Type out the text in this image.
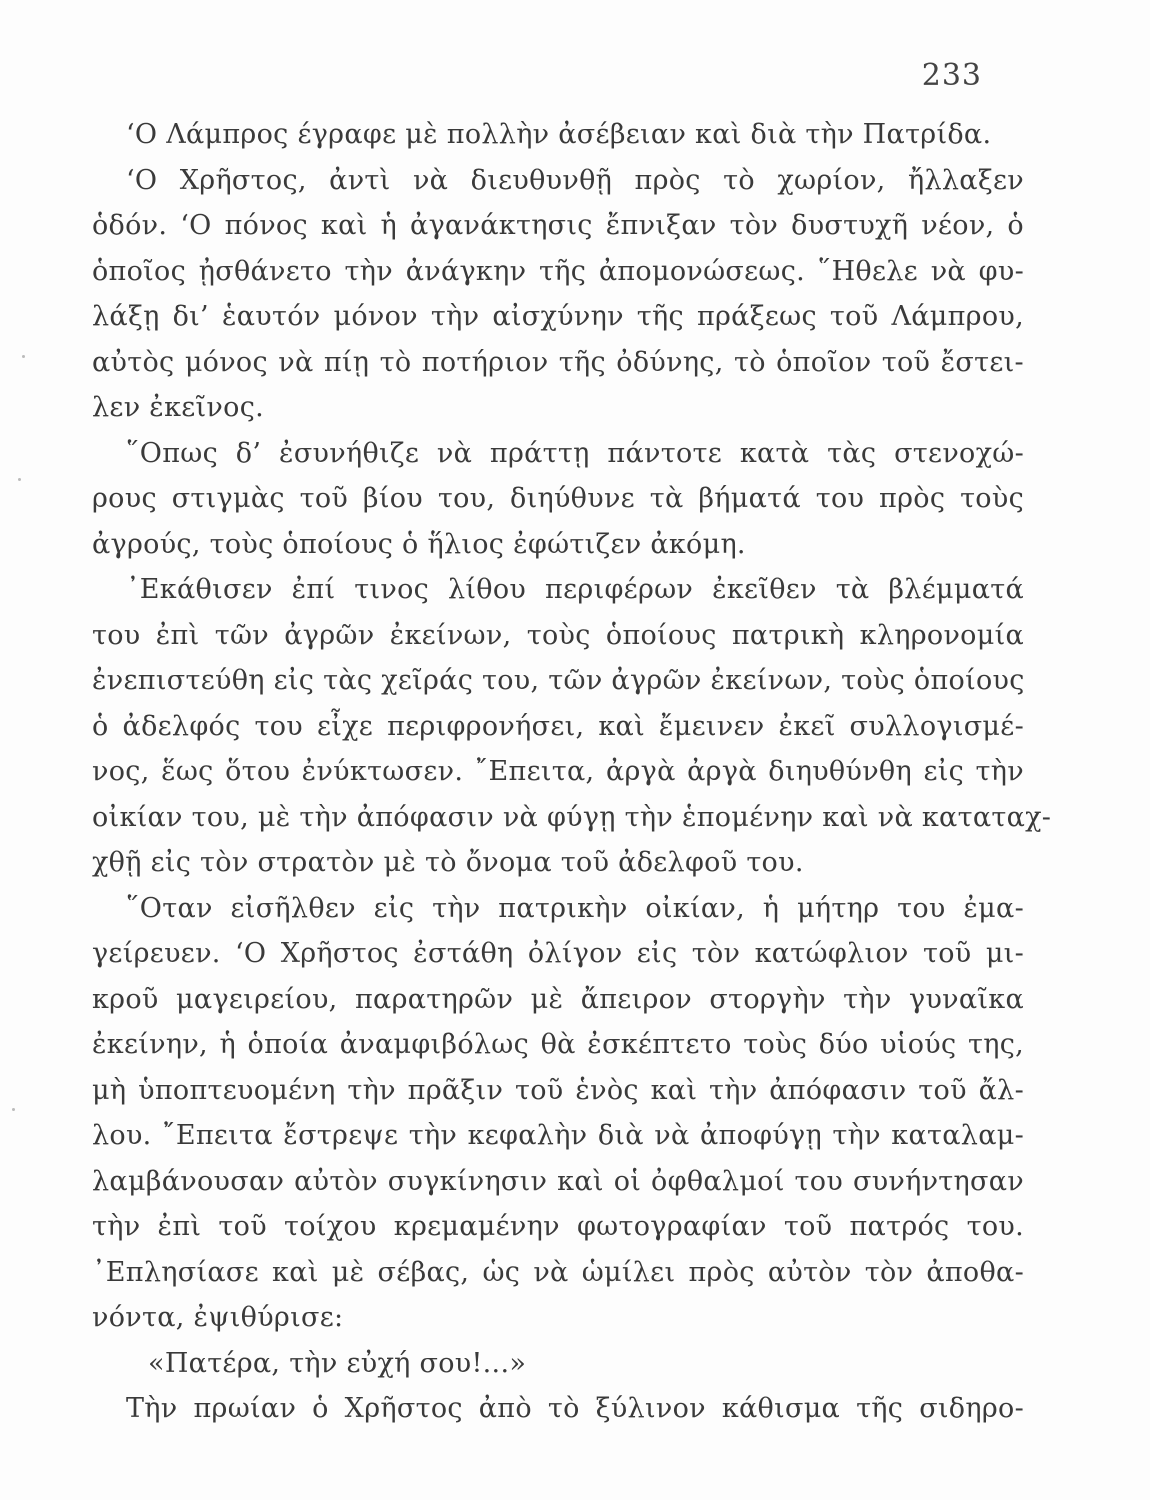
233
‘Ο Λάμπρος έγραφε μὲ πολλὴν ἀσέβειαν καὶ διὰ τὴν Πατρίδα.
‘Ο Χρῆστος, ἀντὶ νὰ διευθυνθῇ πρὸς τὸ χωρίον, ἤλλαξεν
ὁδόν. ‘Ο πόνος καὶ ἡ ἀγανάκτησις ἔπνιξαν τὸν δυστυχῆ νέον, ὁ
ὁποῖος ᾐσθάνετο τὴν ἀνάγκην τῆς ἀπομονώσεως. ῞Ηθελε νὰ φυ-
λάξῃ δι’ ἑαυτόν μόνον τὴν αἰσχύνην τῆς πράξεως τοῦ Λάμπρου,
αὐτὸς μόνος νὰ πίῃ τὸ ποτήριον τῆς ὀδύνης, τὸ ὁποῖον τοῦ ἔστει-
λεν ἐκεῖνος.
῞Οπως δ’ ἐσυνήθιζε νὰ πράττῃ πάντοτε κατὰ τὰς στενοχώ-
ρους στιγμὰς τοῦ βίου του, διηύθυνε τὰ βήματά του πρὸς τοὺς
ἀγρούς, τοὺς ὁποίους ὁ ἥλιος ἐφώτιζεν ἀκόμη.
᾿Εκάθισεν ἐπί τινος λίθου περιφέρων ἐκεῖθεν τὰ βλέμματά
του ἐπὶ τῶν ἀγρῶν ἐκείνων, τοὺς ὁποίους πατρικὴ κληρονομία
ἐνεπιστεύθη εἰς τὰς χεῖράς του, τῶν ἀγρῶν ἐκείνων, τοὺς ὁποίους
ὁ ἀδελφός του εἶχε περιφρονήσει, καὶ ἔμεινεν ἐκεῖ συλλογισμέ-
νος, ἕως ὅτου ἐνύκτωσεν. ῎Επειτα, ἀργὰ ἀργὰ διηυθύνθη εἰς τὴν
οἰκίαν του, μὲ τὴν ἀπόφασιν νὰ φύγῃ τὴν ἑπομένην καὶ νὰ καταταχ-
χθῇ εἰς τὸν στρατὸν μὲ τὸ ὄνομα τοῦ ἀδελφοῦ του.
῞Οταν εἰσῆλθεν εἰς τὴν πατρικὴν οἰκίαν, ἡ μήτηρ του ἐμα-
γείρευεν. ‘Ο Χρῆστος ἐστάθη ὀλίγον εἰς τὸν κατώφλιον τοῦ μι-
κροῦ μαγειρείου, παρατηρῶν μὲ ἄπειρον στοργὴν τὴν γυναῖκα
ἐκείνην, ἡ ὁποία ἀναμφιβόλως θὰ ἐσκέπτετο τοὺς δύο υἱούς της,
μὴ ὑποπτευομένη τὴν πρᾶξιν τοῦ ἑνὸς καὶ τὴν ἀπόφασιν τοῦ ἄλ-
λου. ῎Επειτα ἔστρεψε τὴν κεφαλὴν διὰ νὰ ἀποφύγῃ τὴν καταλαμ-
λαμβάνουσαν αὐτὸν συγκίνησιν καὶ οἱ ὀφθαλμοί του συνήντησαν
τὴν ἐπὶ τοῦ τοίχου κρεμαμένην φωτογραφίαν τοῦ πατρός του.
᾿Επλησίασε καὶ μὲ σέβας, ὡς νὰ ὡμίλει πρὸς αὐτὸν τὸν ἀποθα-
νόντα, ἐψιθύρισε:
«Πατέρα, τὴν εὐχή σου!...»
Τὴν πρωίαν ὁ Χρῆστος ἀπὸ τὸ ξύλινον κάθισμα τῆς σιδηρο-
